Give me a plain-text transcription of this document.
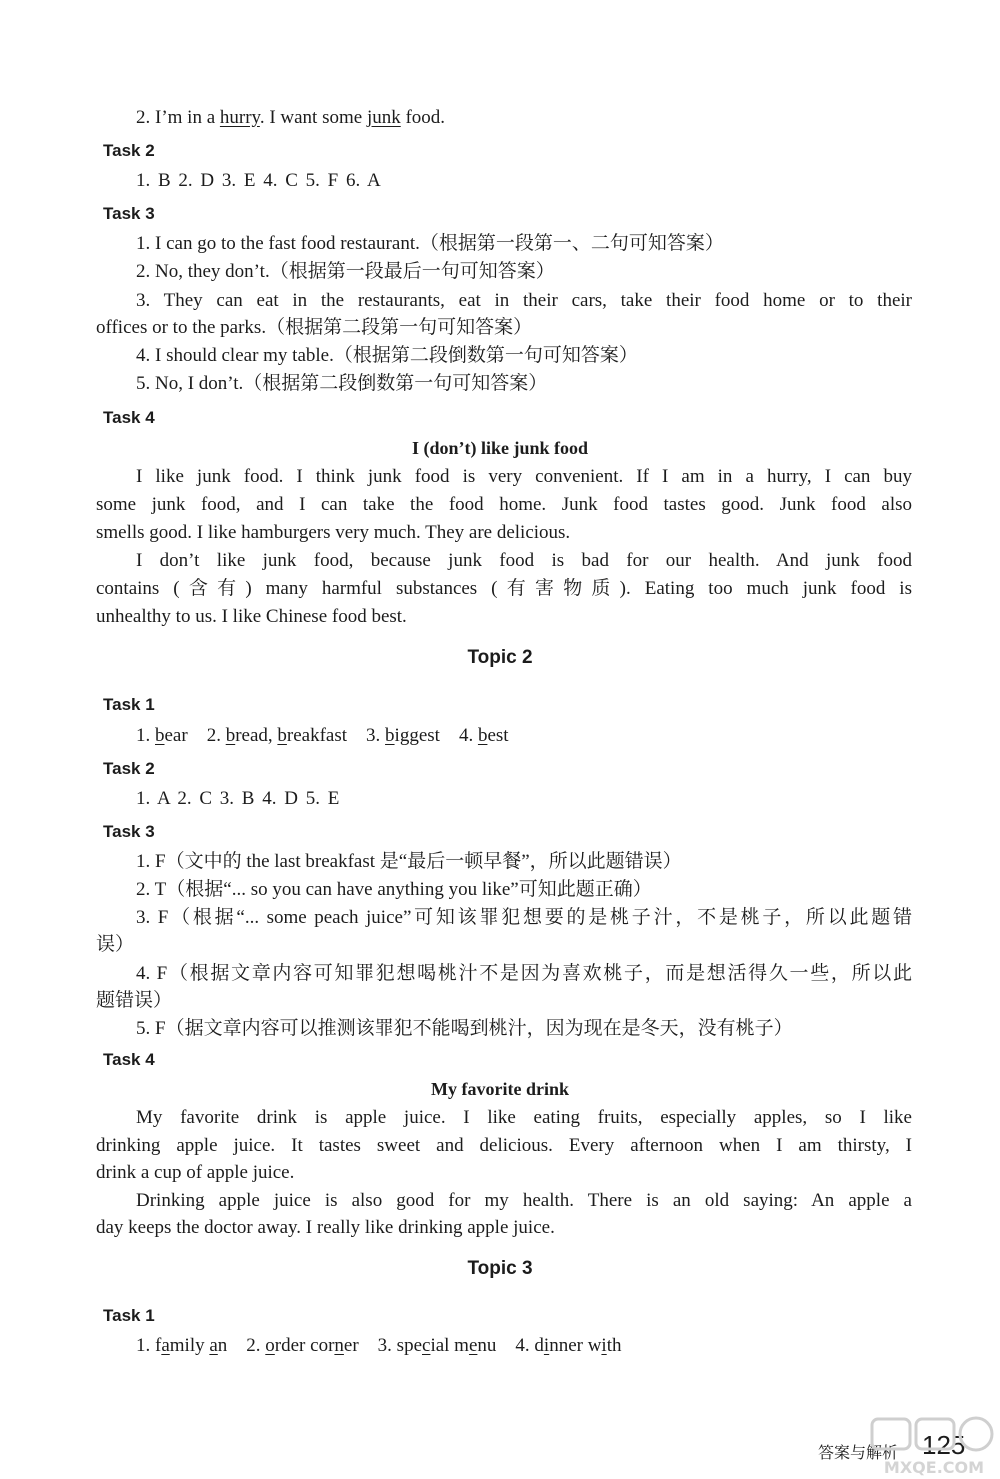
2. I’m in a hurry. I want some junk food.
Task 2
1. B 2. D 3. E 4. C 5. F 6. A
Task 3
1. I can go to the fast food restaurant.（根据第一段第一、二句可知答案）
2. No, they don’t.（根据第一段最后一句可知答案）
3. They can eat in the restaurants, eat in their cars, take their food home or to their
offices or to the parks.（根据第二段第一句可知答案）
4. I should clear my table.（根据第二段倒数第一句可知答案）
5. No, I don’t.（根据第二段倒数第一句可知答案）
Task 4
I (don’t) like junk food
I like junk food. I think junk food is very convenient. If I am in a hurry, I can buy
some junk food, and I can take the food home. Junk food tastes good. Junk food also
smells good. I like hamburgers very much. They are delicious.
I don’t like junk food, because junk food is bad for our health. And junk food
contains (含有) many harmful substances (有害物质). Eating too much junk food is
unhealthy to us. I like Chinese food best.
Topic 2
Task 1
1. bear 2. bread, breakfast 3. biggest 4. best
Task 2
1. A 2. C 3. B 4. D 5. E
Task 3
1. F（文中的 the last breakfast 是“最后一顿早餐”，所以此题错误）
2. T（根据“... so you can have anything you like”可知此题正确）
3. F（根据“... some peach juice”可知该罪犯想要的是桃子汁，不是桃子，所以此题错
误）
4. F（根据文章内容可知罪犯想喝桃汁不是因为喜欢桃子，而是想活得久一些，所以此
题错误）
5. F（据文章内容可以推测该罪犯不能喝到桃汁，因为现在是冬天，没有桃子）
Task 4
My favorite drink
My favorite drink is apple juice. I like eating fruits, especially apples, so I like
drinking apple juice. It tastes sweet and delicious. Every afternoon when I am thirsty, I
drink a cup of apple juice.
Drinking apple juice is also good for my health. There is an old saying: An apple a
day keeps the doctor away. I really like drinking apple juice.
Topic 3
Task 1
1. family an 2. order corner 3. special menu 4. dinner with
答案与解析 125
MXQE.COM
